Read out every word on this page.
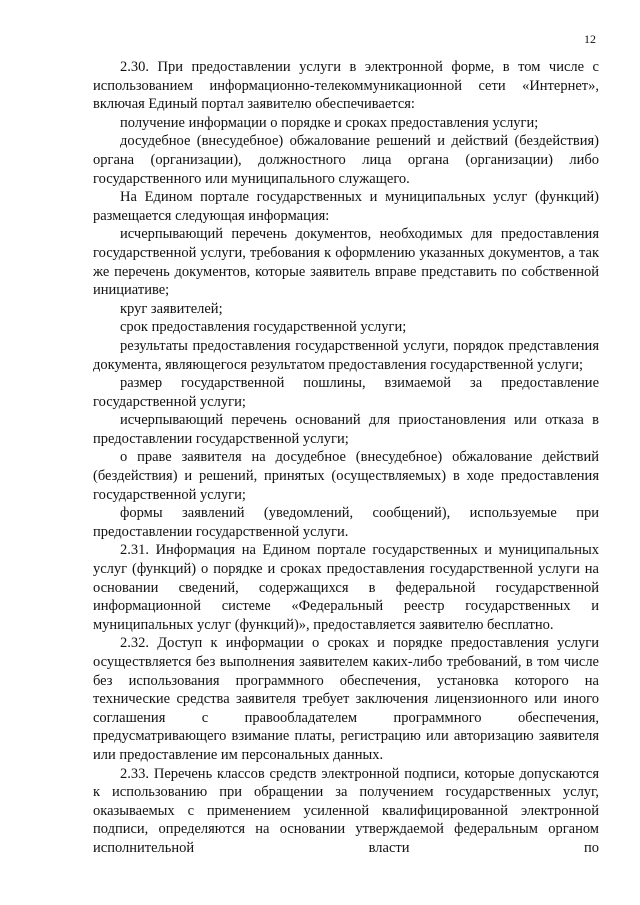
12

2.30. При предоставлении услуги в электронной форме, в том числе с использованием информационно-телекоммуникационной сети «Интернет», включая Единый портал заявителю обеспечивается:

получение информации о порядке и сроках предоставления услуги;

досудебное (внесудебное) обжалование решений и действий (бездействия) органа (организации), должностного лица органа (организации) либо государственного или муниципального служащего.

На Едином портале государственных и муниципальных услуг (функций) размещается следующая информация:

исчерпывающий перечень документов, необходимых для предоставления государственной услуги, требования к оформлению указанных документов, а так же перечень документов, которые заявитель вправе представить по собственной инициативе;

круг заявителей;

срок предоставления государственной услуги;

результаты предоставления государственной услуги, порядок представления документа, являющегося результатом предоставления государственной услуги;

размер государственной пошлины, взимаемой за предоставление государственной услуги;

исчерпывающий перечень оснований для приостановления или отказа в предоставлении государственной услуги;

о праве заявителя на досудебное (внесудебное) обжалование действий (бездействия) и решений, принятых (осуществляемых) в ходе предоставления государственной услуги;

формы заявлений (уведомлений, сообщений), используемые при предоставлении государственной услуги.

2.31. Информация на Едином портале государственных и муниципальных услуг (функций) о порядке и сроках предоставления государственной услуги на основании сведений, содержащихся в федеральной государственной информационной системе «Федеральный реестр государственных и муниципальных услуг (функций)», предоставляется заявителю бесплатно.

2.32. Доступ к информации о сроках и порядке предоставления услуги осуществляется без выполнения заявителем каких-либо требований, в том числе без использования программного обеспечения, установка которого на технические средства заявителя требует заключения лицензионного или иного соглашения с правообладателем программного обеспечения, предусматривающего взимание платы, регистрацию или авторизацию заявителя или предоставление им персональных данных.

2.33. Перечень классов средств электронной подписи, которые допускаются к использованию при обращении за получением государственных услуг, оказываемых с применением усиленной квалифицированной электронной подписи, определяются на основании утверждаемой федеральным органом исполнительной власти по
